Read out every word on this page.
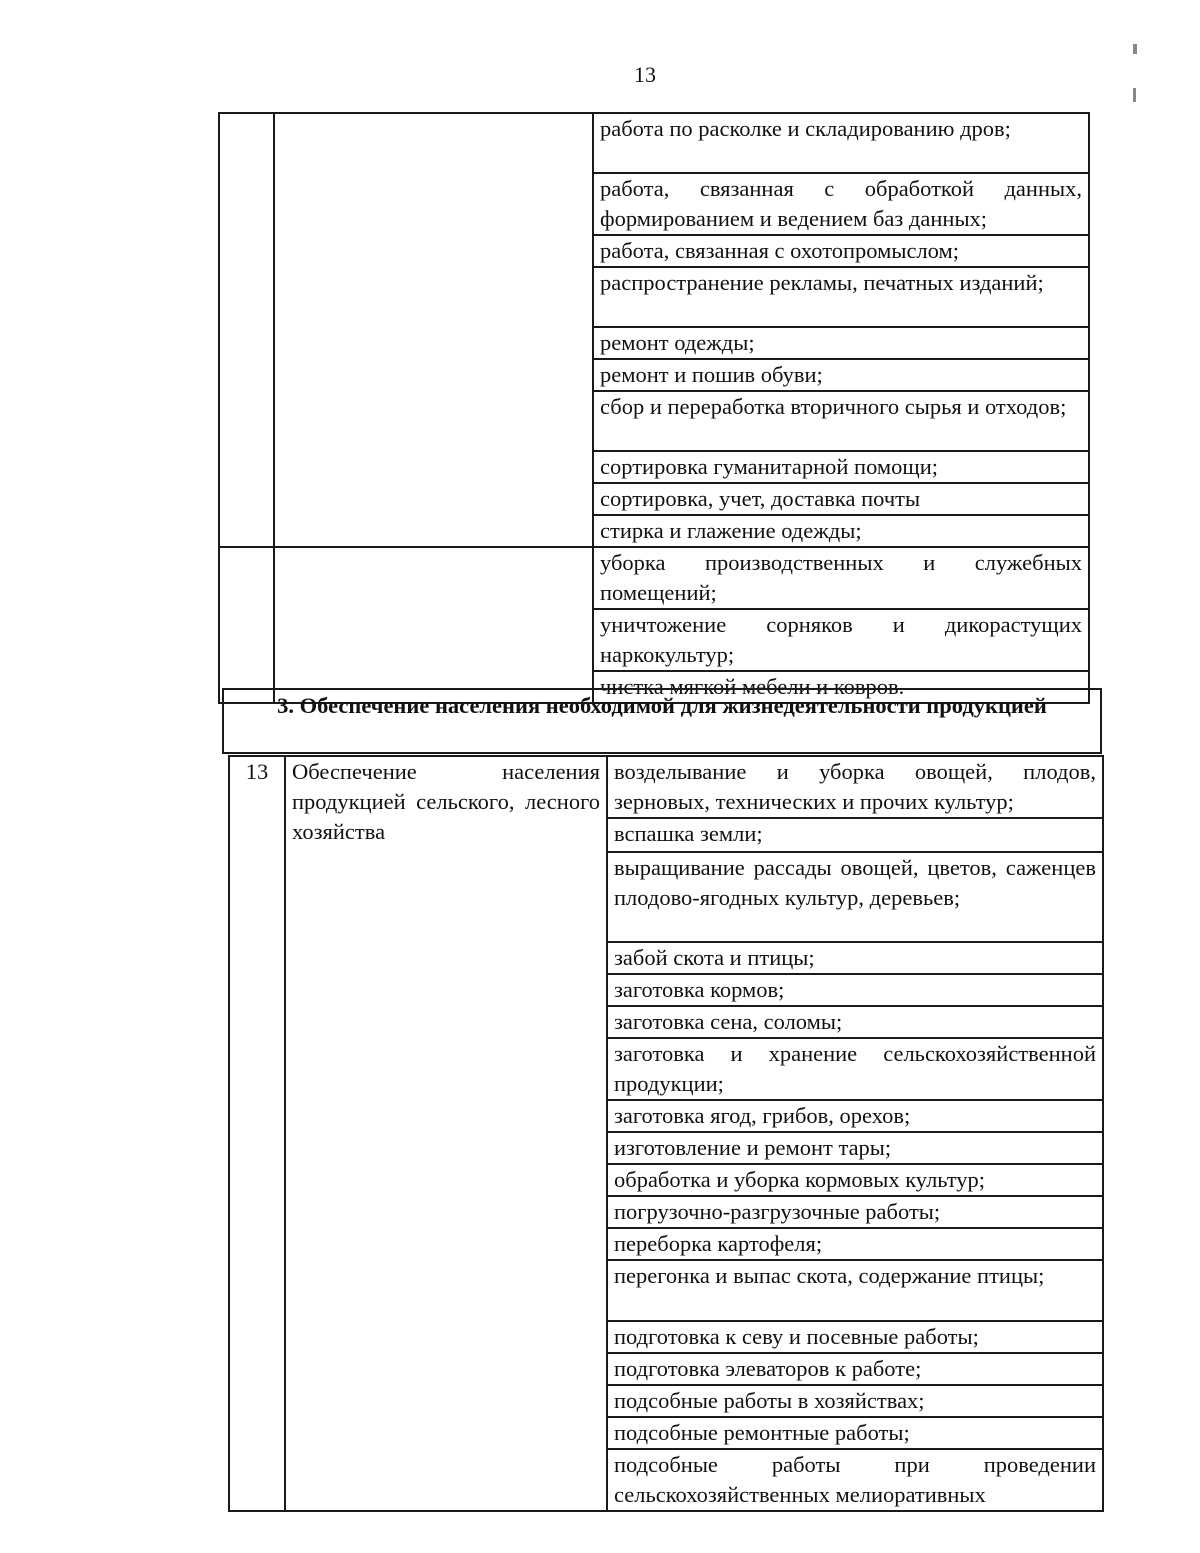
13
		работа по расколке и складированию дров;
		работа, связанная с обработкой данных, формированием и ведением баз данных;
		работа, связанная с охотопромыслом;
		распространение рекламы, печатных изданий;
		ремонт одежды;
		ремонт и пошив обуви;
		сбор и переработка вторичного сырья и отходов;
		сортировка гуманитарной помощи;
		сортировка, учет, доставка почты
		стирка и глажение одежды;
		уборка производственных и служебных помещений;
		уничтожение сорняков и дикорастущих наркокультур;
		чистка мягкой мебели и ковров.
3. Обеспечение населения необходимой для жизнедеятельности продукцией
13	Обеспечение населения продукцией сельского, лесного хозяйства	возделывание и уборка овощей, плодов, зерновых, технических и прочих культур;
вспашка земли;
выращивание рассады овощей, цветов, саженцев плодово-ягодных культур, деревьев;
забой скота и птицы;
заготовка кормов;
заготовка сена, соломы;
заготовка и хранение сельскохозяйственной продукции;
заготовка ягод, грибов, орехов;
изготовление и ремонт тары;
обработка и уборка кормовых культур;
погрузочно-разгрузочные работы;
переборка картофеля;
перегонка и выпас скота, содержание птицы;
подготовка к севу и посевные работы;
подготовка элеваторов к работе;
подсобные работы в хозяйствах;
подсобные ремонтные работы;
подсобные работы при проведении сельскохозяйственных мелиоративных
